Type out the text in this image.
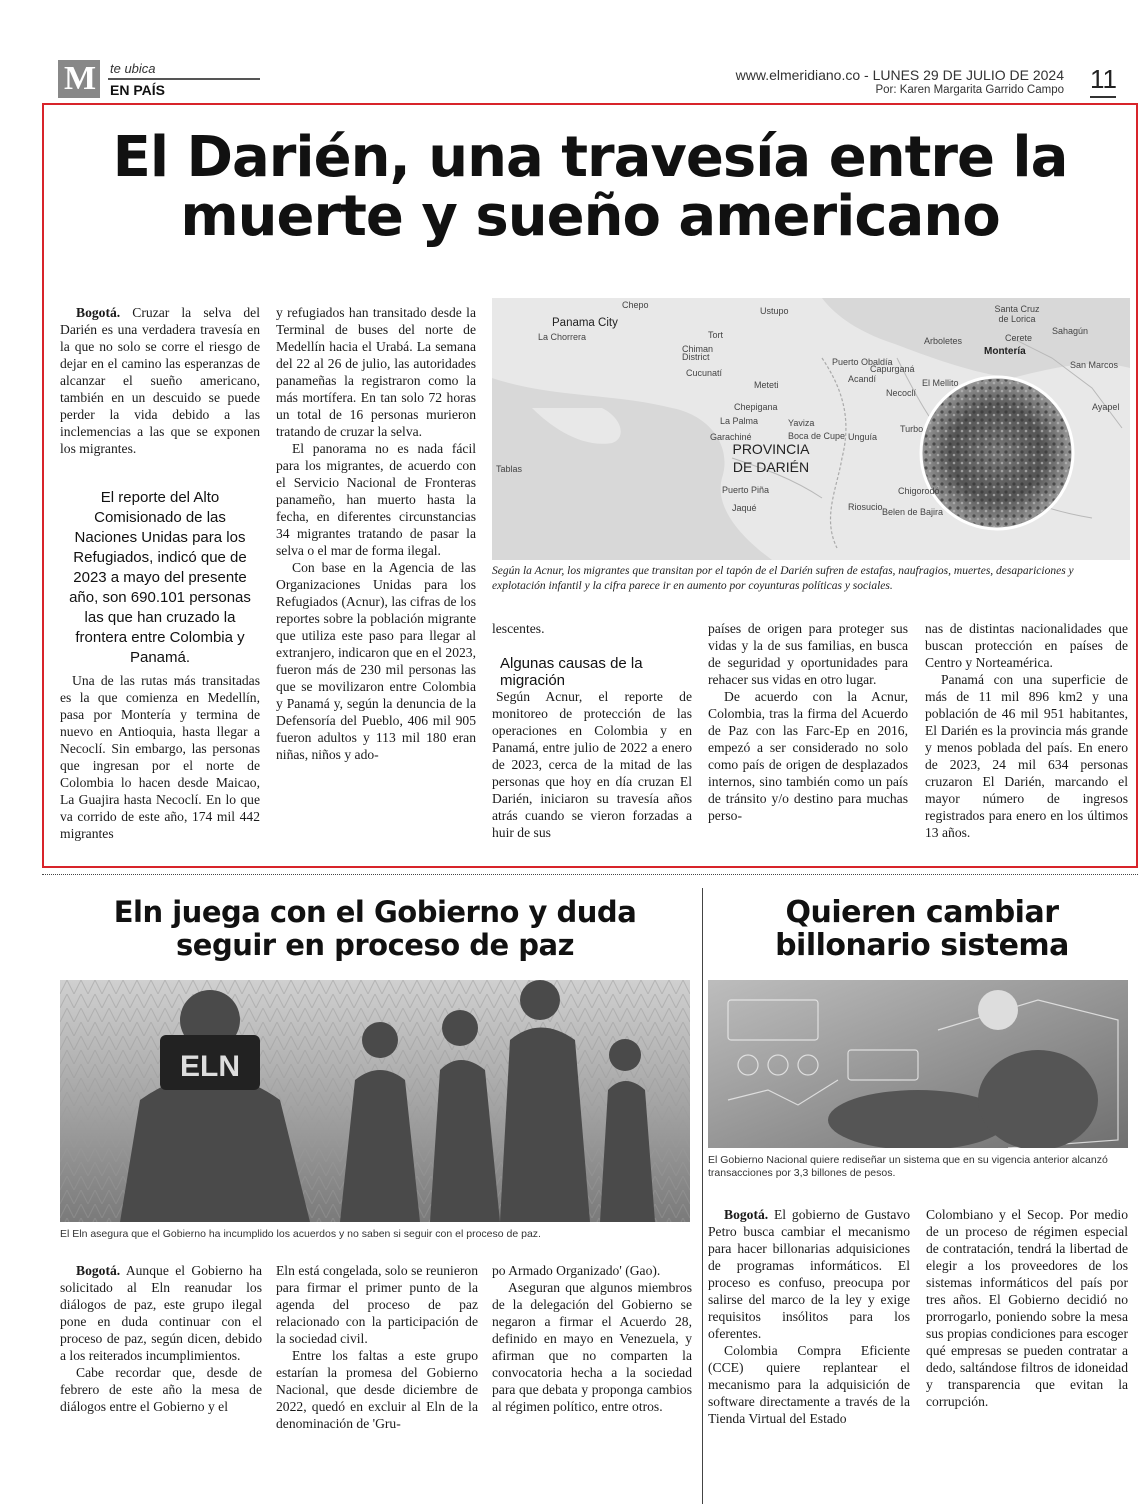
M	te ubica
EN PAÍS
www.elmeridiano.co - LUNES 29 DE JULIO DE 2024
Por: Karen Margarita Garrido Campo 11
El Darién, una travesía entre la muerte y sueño americano

Bogotá. Cruzar la selva del Darién es una verdadera travesía en la que no solo se corre el riesgo de dejar en el camino las esperanzas de alcanzar el sueño americano, también en un descuido se puede perder la vida debido a las inclemencias a las que se exponen los migrantes.

El reporte del Alto Comisionado de las Naciones Unidas para los Refugiados, indicó que de 2023 a mayo del presente año, son 690.101 personas las que han cruzado la frontera entre Colombia y Panamá.

Una de las rutas más transitadas es la que comienza en Medellín, pasa por Montería y termina de nuevo en Antioquia, hasta llegar a Necoclí. Sin embargo, las personas que ingresan por el norte de Colombia lo hacen desde Maicao, La Guajira hasta Necoclí. En lo que va corrido de este año, 174 mil 442 migrantes

y refugiados han transitado desde la Terminal de buses del norte de Medellín hacia el Urabá. La semana del 22 al 26 de julio, las autoridades panameñas la registraron como la más mortífera. En tan solo 72 horas un total de 16 personas murieron tratando de cruzar la selva.

El panorama no es nada fácil para los migrantes, de acuerdo con el Servicio Nacional de Fronteras panameño, han muerto hasta la fecha, en diferentes circunstancias 34 migrantes tratando de pasar la selva o el mar de forma ilegal.

Con base en la Agencia de las Organizaciones Unidas para los Refugiados (Acnur), las cifras de los reportes sobre la población migrante que utiliza este paso para llegar al extranjero, indicaron que en el 2023, fueron más de 230 mil personas las que se movilizaron entre Colombia y Panamá y, según la denuncia de la Defensoría del Pueblo, 406 mil 905 fueron adultos y 113 mil 180 eran niñas, niños y ado-

Panama City
Montería
PROVINCIA DE DARIÉN
Chepo
Ustupo
La Chorrera	Tort
Chiman
District
Cucunatí
Meteti
Chepigana
La Palma	Yaviza
Garachiné	Boca de Cupe Unguía
Puerto Obaldía
Capurganá
Acandí
Arboletes
Necoclí
El Mellito
Turbo
Chigorodó
Riosucio Belen de Bajira
Puerto Piña
Jaqué
Santa Cruz de Lorica
Cerete
Sahagún
San Marcos
Ayapel
Tablas
Según la Acnur, los migrantes que transitan por el tapón de el Darién sufren de estafas, naufragios, muertes, desapariciones y explotación infantil y la cifra parece ir en aumento por coyunturas políticas y sociales.

lescentes.

Algunas causas de la migración

Según Acnur, el reporte de monitoreo de protección de las operaciones en Colombia y en Panamá, entre julio de 2022 a enero de 2023, cerca de la mitad de las personas que hoy en día cruzan El Darién, iniciaron su travesía años atrás cuando se vieron forzadas a huir de sus

países de origen para proteger sus vidas y la de sus familias, en busca de seguridad y oportunidades para rehacer sus vidas en otro lugar.

De acuerdo con la Acnur, Colombia, tras la firma del Acuerdo de Paz con las Farc-Ep en 2016, empezó a ser considerado no solo como país de origen de desplazados internos, sino también como un país de tránsito y/o destino para muchas perso-

nas de distintas nacionalidades que buscan protección en países de Centro y Norteamérica.

Panamá con una superficie de más de 11 mil 896 km2 y una población de 46 mil 951 habitantes, El Darién es la provincia más grande y menos poblada del país. En enero de 2023, 24 mil 634 personas cruzaron El Darién, marcando el mayor número de ingresos registrados para enero en los últimos 13 años.

Eln juega con el Gobierno y duda seguir en proceso de paz
ELN
El Eln asegura que el Gobierno ha incumplido los acuerdos y no saben si seguir con el proceso de paz.

Bogotá. Aunque el Gobierno ha solicitado al Eln reanudar los diálogos de paz, este grupo ilegal pone en duda continuar con el proceso de paz, según dicen, debido a los reiterados incumplimientos.

Cabe recordar que, desde de febrero de este año la mesa de diálogos entre el Gobierno y el

Eln está congelada, solo se reunieron para firmar el primer punto de la agenda del proceso de paz relacionado con la participación de la sociedad civil.

Entre los faltas a este grupo estarían la promesa del Gobierno Nacional, que desde diciembre de 2022, quedó en excluir al Eln de la denominación de 'Gru-

po Armado Organizado' (Gao).

Aseguran que algunos miembros de la delegación del Gobierno se negaron a firmar el Acuerdo 28, definido en mayo en Venezuela, y afirman que no comparten la convocatoria hecha a la sociedad para que debata y proponga cambios al régimen político, entre otros.

Quieren cambiar billonario sistema
El Gobierno Nacional quiere rediseñar un sistema que en su vigencia anterior alcanzó transacciones por 3,3 billones de pesos.

Bogotá. El gobierno de Gustavo Petro busca cambiar el mecanismo para hacer billonarias adquisiciones de programas informáticos. El proceso es confuso, preocupa por salirse del marco de la ley y exige requisitos insólitos para los oferentes.

Colombia Compra Eficiente (CCE) quiere replantear el mecanismo para la adquisición de software directamente a través de la Tienda Virtual del Estado

Colombiano y el Secop. Por medio de un proceso de régimen especial de contratación, tendrá la libertad de elegir a los proveedores de los sistemas informáticos del país por tres años. El Gobierno decidió no prorrogarlo, poniendo sobre la mesa sus propias condiciones para escoger qué empresas se pueden contratar a dedo, saltándose filtros de idoneidad y transparencia que evitan la corrupción.
